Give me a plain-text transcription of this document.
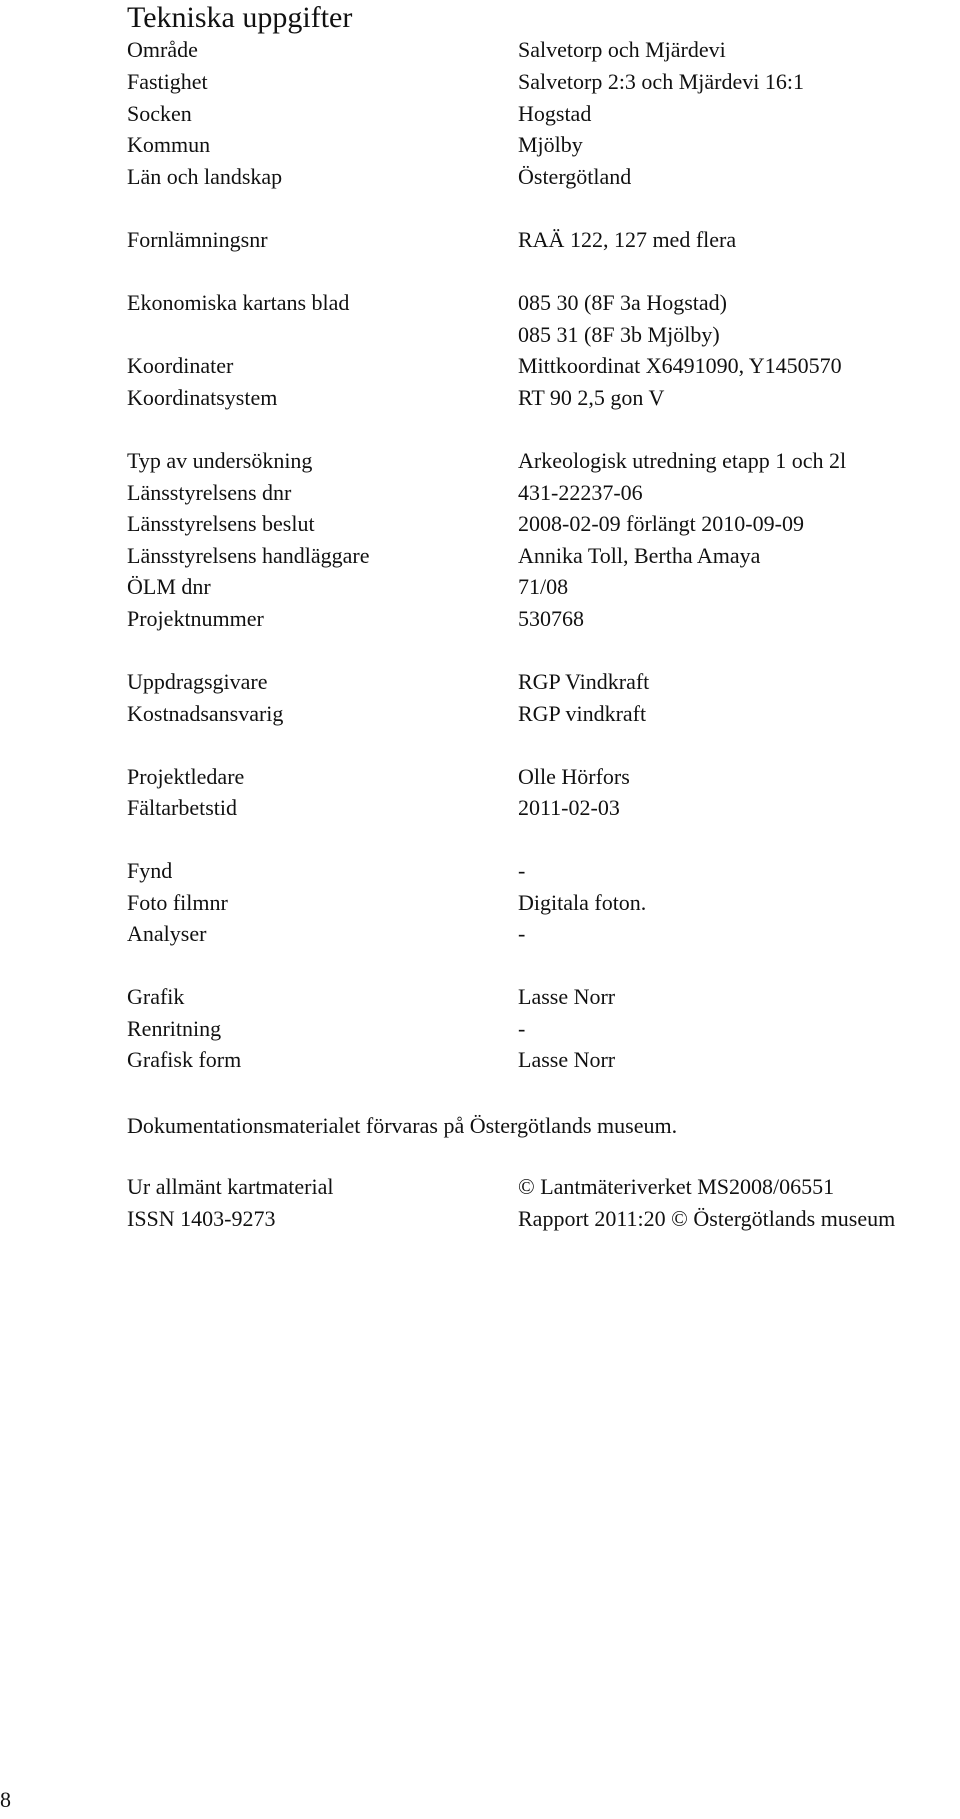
Tekniska uppgifter
Område	Salvetorp och Mjärdevi
Fastighet	Salvetorp 2:3 och Mjärdevi 16:1
Socken	Hogstad
Kommun	Mjölby
Län och landskap	Östergötland
Fornlämningsnr	RAÄ 122, 127 med flera
Ekonomiska kartans blad	085 30 (8F 3a Hogstad)
085 31 (8F 3b Mjölby)
Koordinater	Mittkoordinat X6491090, Y1450570
Koordinatsystem	RT 90 2,5 gon V
Typ av undersökning	Arkeologisk utredning etapp 1 och 2l
Länsstyrelsens dnr	431-22237-06
Länsstyrelsens beslut	2008-02-09 förlängt 2010-09-09
Länsstyrelsens handläggare	Annika Toll, Bertha Amaya
ÖLM dnr	71/08
Projektnummer	530768
Uppdragsgivare	RGP Vindkraft
Kostnadsansvarig	RGP vindkraft
Projektledare	Olle Hörfors
Fältarbetstid	2011-02-03
Fynd	-
Foto filmnr	Digitala foton.
Analyser	-
Grafik	Lasse Norr
Renritning	-
Grafisk form	Lasse Norr
Dokumentationsmaterialet förvaras på Östergötlands museum.
Ur allmänt kartmaterial	© Lantmäteriverket MS2008/06551
ISSN 1403-9273	Rapport 2011:20 © Östergötlands museum
8
